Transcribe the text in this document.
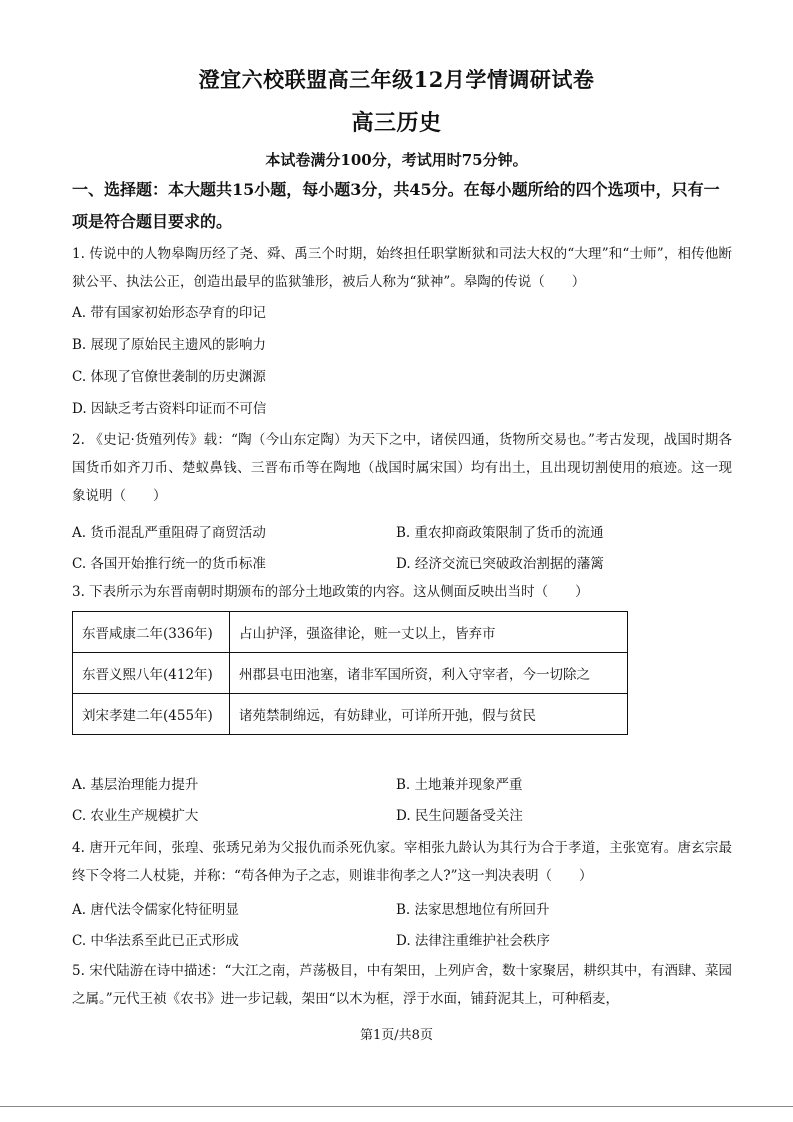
澄宜六校联盟高三年级12月学情调研试卷
高三历史
本试卷满分100分，考试用时75分钟。
一、选择题：本大题共15小题，每小题3分，共45分。在每小题所给的四个选项中，只有一项是符合题目要求的。
1. 传说中的人物皋陶历经了尧、舜、禹三个时期，始终担任职掌断狱和司法大权的“大理”和“士师”，相传他断狱公平、执法公正，创造出最早的监狱雏形，被后人称为“狱神”。皋陶的传说（　　）
A. 带有国家初始形态孕育的印记
B. 展现了原始民主遗风的影响力
C. 体现了官僚世袭制的历史渊源
D. 因缺乏考古资料印证而不可信
2. 《史记·货殖列传》载：“陶（今山东定陶）为天下之中，诸侯四通，货物所交易也。”考古发现，战国时期各国货币如齐刀币、楚蚁鼻钱、三晋布币等在陶地（战国时属宋国）均有出土，且出现切割使用的痕迹。这一现象说明（　　）
A. 货币混乱严重阻碍了商贸活动	B. 重农抑商政策限制了货币的流通
C. 各国开始推行统一的货币标准	D. 经济交流已突破政治割据的藩篱
3. 下表所示为东晋南朝时期颁布的部分土地政策的内容。这从侧面反映出当时（　　）
东晋咸康二年(336年)	占山护泽，强盗律论，赃一丈以上，皆弃市
东晋义熙八年(412年)	州郡县屯田池塞，诸非军国所资，利入守宰者，今一切除之
刘宋孝建二年(455年)	诸苑禁制绵远，有妨肆业，可详所开弛，假与贫民
A. 基层治理能力提升	B. 土地兼并现象严重
C. 农业生产规模扩大	D. 民生问题备受关注
4. 唐开元年间，张瑝、张琇兄弟为父报仇而杀死仇家。宰相张九龄认为其行为合于孝道，主张宽宥。唐玄宗最终下令将二人杖毙，并称：“苟各伸为子之志，则谁非徇孝之人?”这一判决表明（　　）
A. 唐代法令儒家化特征明显	B. 法家思想地位有所回升
C. 中华法系至此已正式形成	D. 法律注重维护社会秩序
5. 宋代陆游在诗中描述：“大江之南，芦荡极目，中有架田，上列庐舍，数十家聚居，耕织其中，有酒肆、菜园之属。”元代王祯《农书》进一步记载，架田“以木为框，浮于水面，铺葑泥其上，可种稻麦，
第1页/共8页
